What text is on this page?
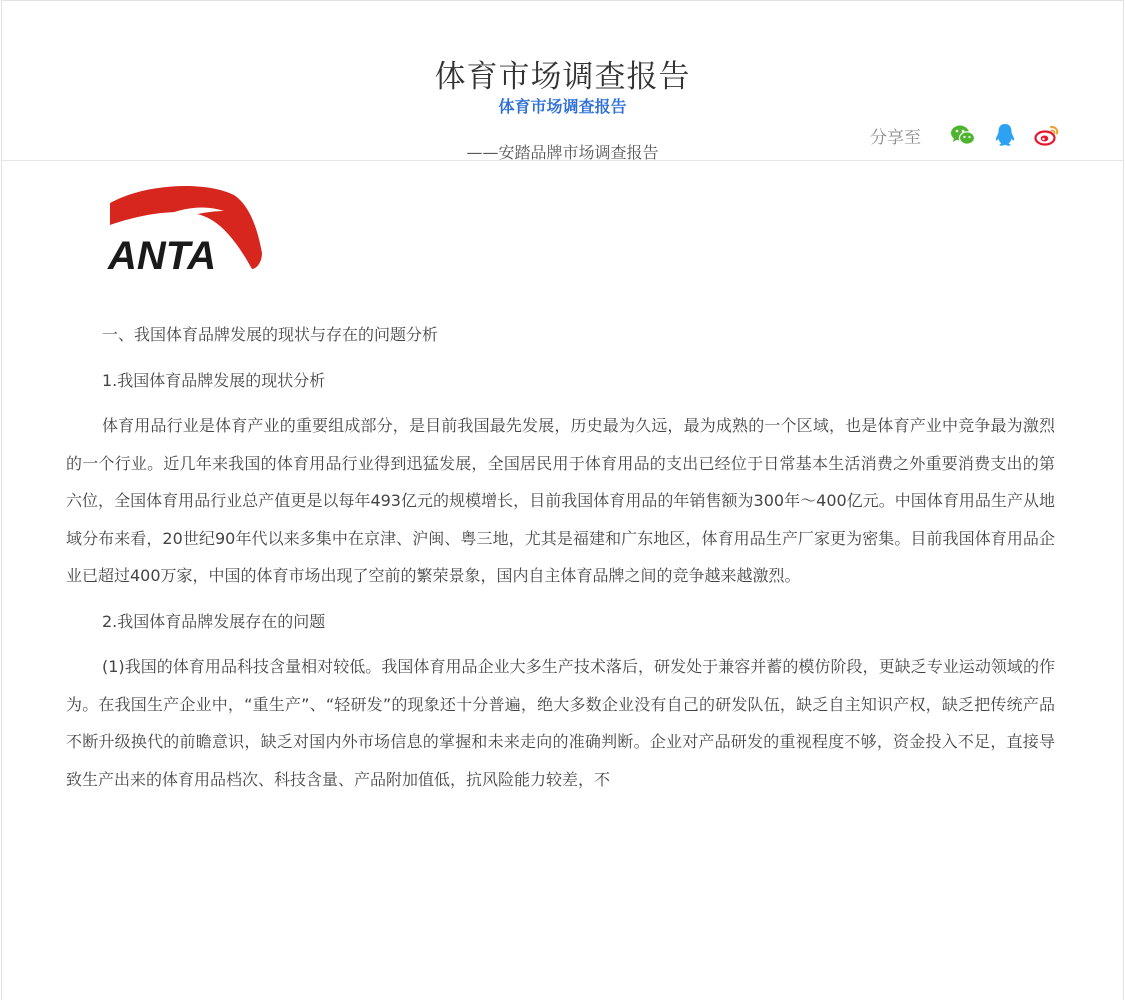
体育市场调查报告
分享至
体育市场调查报告
——安踏品牌市场调查报告
ANTA

一、我国体育品牌发展的现状与存在的问题分析

1.我国体育品牌发展的现状分析

体育用品行业是体育产业的重要组成部分，是目前我国最先发展，历史最为久远，最为成熟的一个区域，也是体育产业中竞争最为激烈的一个行业。近几年来我国的体育用品行业得到迅猛发展，全国居民用于体育用品的支出已经位于日常基本生活消费之外重要消费支出的第六位，全国体育用品行业总产值更是以每年493亿元的规模增长，目前我国体育用品的年销售额为300年～400亿元。中国体育用品生产从地域分布来看，20世纪90年代以来多集中在京津、沪闽、粤三地，尤其是福建和广东地区，体育用品生产厂家更为密集。目前我国体育用品企业已超过400万家，中国的体育市场出现了空前的繁荣景象，国内自主体育品牌之间的竞争越来越激烈。

2.我国体育品牌发展存在的问题

(1)我国的体育用品科技含量相对较低。我国体育用品企业大多生产技术落后，研发处于兼容并蓄的模仿阶段，更缺乏专业运动领域的作为。在我国生产企业中，“重生产”、“轻研发”的现象还十分普遍，绝大多数企业没有自己的研发队伍，缺乏自主知识产权，缺乏把传统产品不断升级换代的前瞻意识，缺乏对国内外市场信息的掌握和未来走向的准确判断。企业对产品研发的重视程度不够，资金投入不足，直接导致生产出来的体育用品档次、科技含量、产品附加值低，抗风险能力较差，不
